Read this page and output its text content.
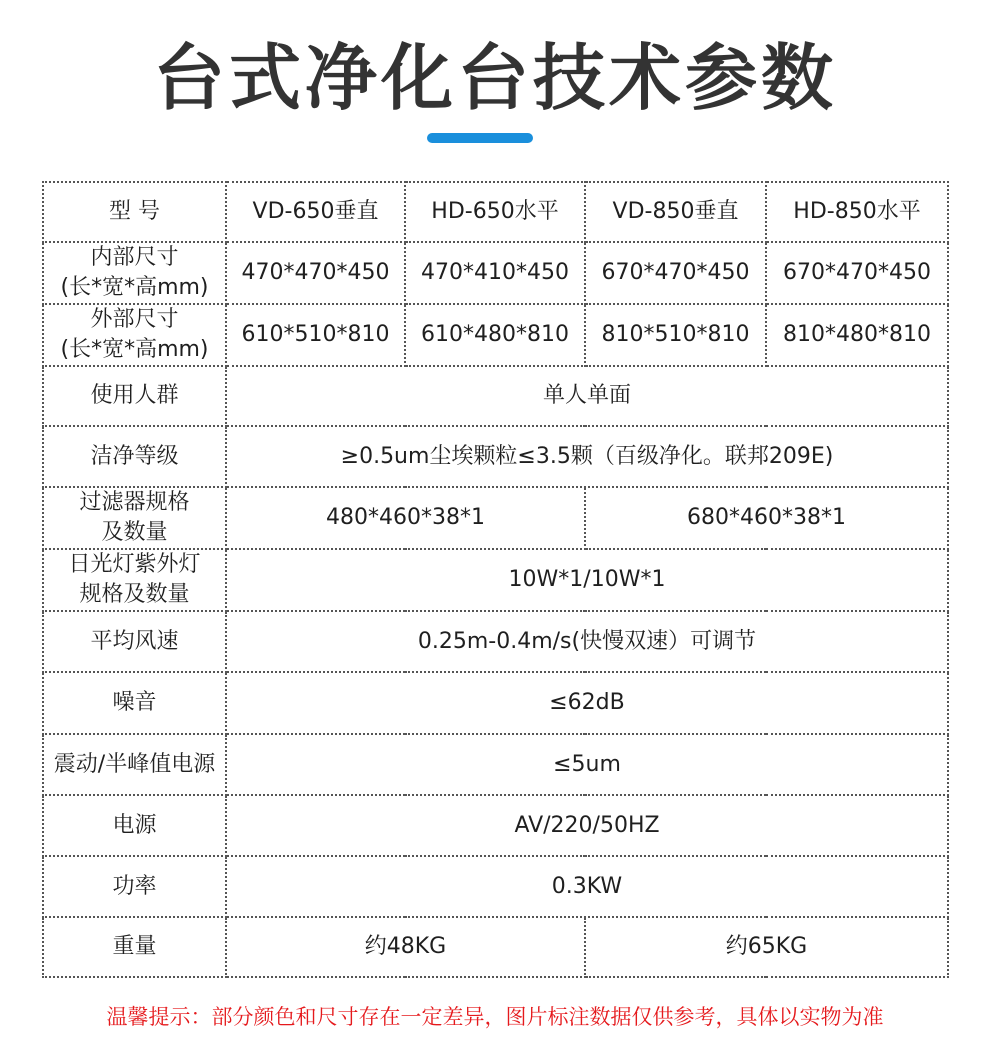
台式净化台技术参数
型 号	VD-650垂直	HD-650水平	VD-850垂直	HD-850水平

内部尺寸
(长*宽*高mm)	470*470*450	470*410*450	670*470*450	670*470*450

外部尺寸
(长*宽*高mm)	610*510*810	610*480*810	810*510*810	810*480*810
使用人群	单人单面			
洁净等级	≥0.5um尘埃颗粒≤3.5颗（百级净化。联邦209E)			

过滤器规格
及数量	480*460*38*1		680*460*38*1	

日光灯紫外灯
规格及数量	10W*1/10W*1			
平均风速	0.25m-0.4m/s(快慢双速）可调节			
噪音	≤62dB			
震动/半峰值电源	≤5um			
电源	AV/220/50HZ			
功率	0.3KW			
重量	约48KG		约65KG	
温馨提示：部分颜色和尺寸存在一定差异，图片标注数据仅供参考，具体以实物为准
